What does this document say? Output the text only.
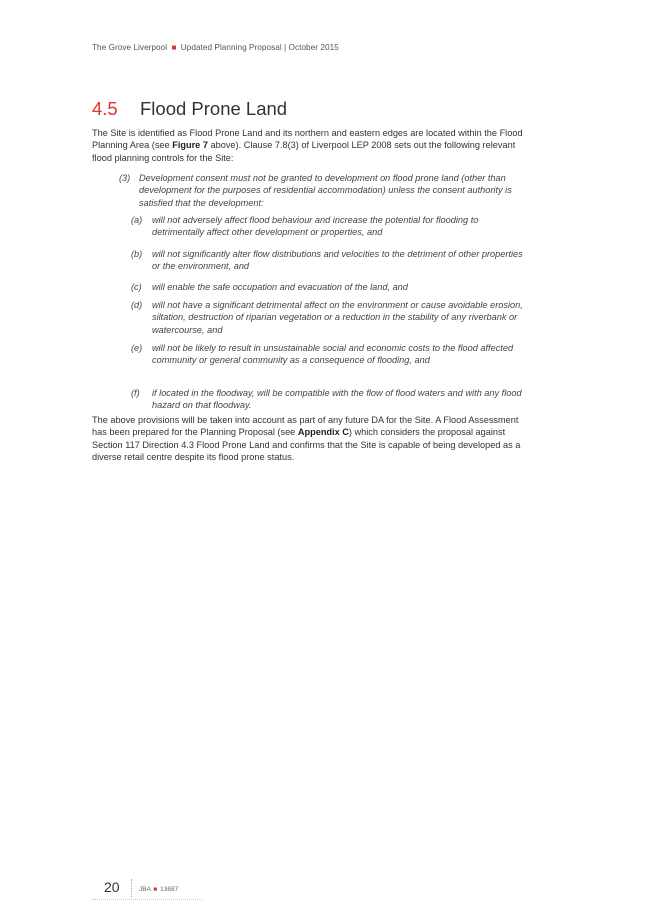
The Grove Liverpool ■ Updated Planning Proposal | October 2015
4.5 Flood Prone Land

The Site is identified as Flood Prone Land and its northern and eastern edges are located within the Flood Planning Area (see Figure 7 above). Clause 7.8(3) of Liverpool LEP 2008 sets out the following relevant flood planning controls for the Site:

(3) Development consent must not be granted to development on flood prone land (other than development for the purposes of residential accommodation) unless the consent authority is satisfied that the development:
(a) will not adversely affect flood behaviour and increase the potential for flooding to detrimentally affect other development or properties, and
(b) will not significantly alter flow distributions and velocities to the detriment of other properties or the environment, and
(c) will enable the safe occupation and evacuation of the land, and
(d) will not have a significant detrimental affect on the environment or cause avoidable erosion, siltation, destruction of riparian vegetation or a reduction in the stability of any riverbank or watercourse, and
(e) will not be likely to result in unsustainable social and economic costs to the flood affected community or general community as a consequence of flooding, and
(f) if located in the floodway, will be compatible with the flow of flood waters and with any flood hazard on that floodway.

The above provisions will be taken into account as part of any future DA for the Site. A Flood Assessment has been prepared for the Planning Proposal (see Appendix C) which considers the proposal against Section 117 Direction 4.3 Flood Prone Land and confirms that the Site is capable of being developed as a diverse retail centre despite its flood prone status.

20	JBA ■ 13687
